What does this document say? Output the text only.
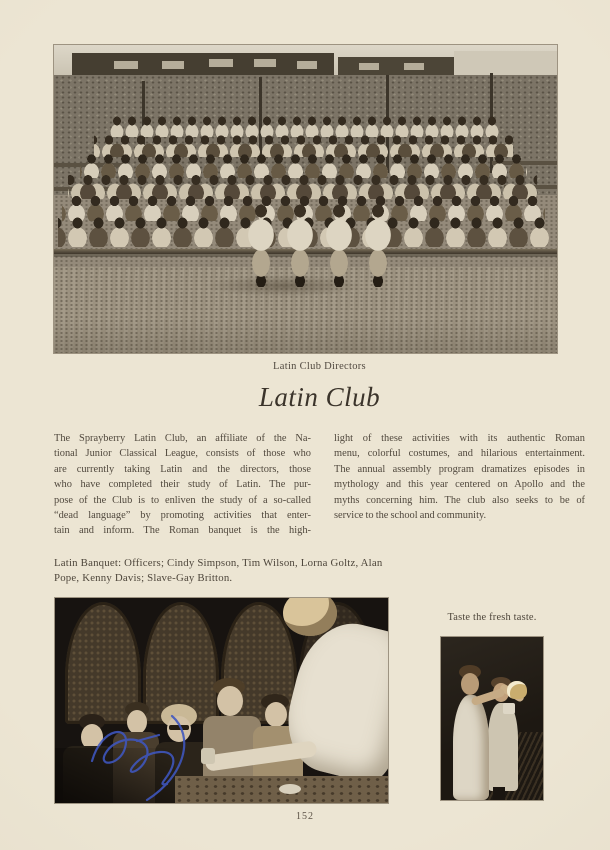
Latin Club Directors
Latin Club
The Sprayberry Latin Club, an affiliate of the Na-
tional Junior Classical League, consists of those who
are currently taking Latin and the directors, those
who have completed their study of Latin. The pur-
pose of the Club is to enliven the study of a so-called
“dead language” by promoting activities that enter-
tain and inform. The Roman banquet is the high-
light of these activities with its authentic Roman
menu, colorful costumes, and hilarious entertainment.
The annual assembly program dramatizes episodes in
mythology and this year centered on Apollo and the
myths concerning him. The club also seeks to be of
service to the school and community.
Latin Banquet: Officers; Cindy Simpson, Tim Wilson, Lorna Goltz, Alan
Pope, Kenny Davis; Slave-Gay Britton.
Taste the fresh taste.
152
